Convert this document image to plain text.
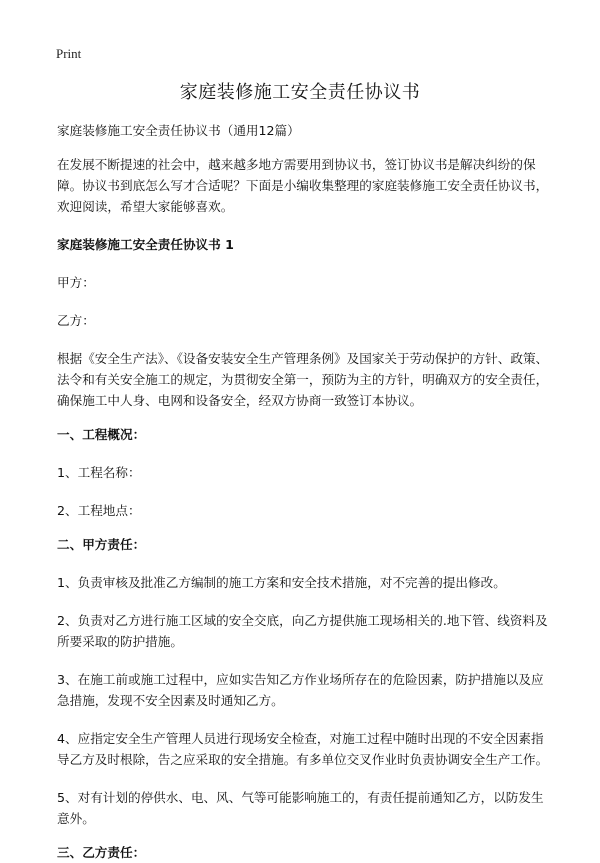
Print
家庭装修施工安全责任协议书

家庭装修施工安全责任协议书（通用12篇）

在发展不断提速的社会中，越来越多地方需要用到协议书，签订协议书是解决纠纷的保障。协议书到底怎么写才合适呢？下面是小编收集整理的家庭装修施工安全责任协议书，欢迎阅读，希望大家能够喜欢。

家庭装修施工安全责任协议书 1

甲方：

乙方：

根据《安全生产法》、《设备安装安全生产管理条例》及国家关于劳动保护的方针、政策、法令和有关安全施工的规定，为贯彻安全第一，预防为主的方针，明确双方的安全责任，确保施工中人身、电网和设备安全，经双方协商一致签订本协议。

一、工程概况：

1、工程名称：

2、工程地点：

二、甲方责任：

1、负责审核及批准乙方编制的施工方案和安全技术措施，对不完善的提出修改。

2、负责对乙方进行施工区域的安全交底，向乙方提供施工现场相关的.地下管、线资料及所要采取的防护措施。

3、在施工前或施工过程中，应如实告知乙方作业场所存在的危险因素，防护措施以及应急措施，发现不安全因素及时通知乙方。

4、应指定安全生产管理人员进行现场安全检查，对施工过程中随时出现的不安全因素指导乙方及时根除，告之应采取的安全措施。有多单位交叉作业时负责协调安全生产工作。

5、对有计划的停供水、电、风、气等可能影响施工的，有责任提前通知乙方，以防发生意外。

三、乙方责任：
